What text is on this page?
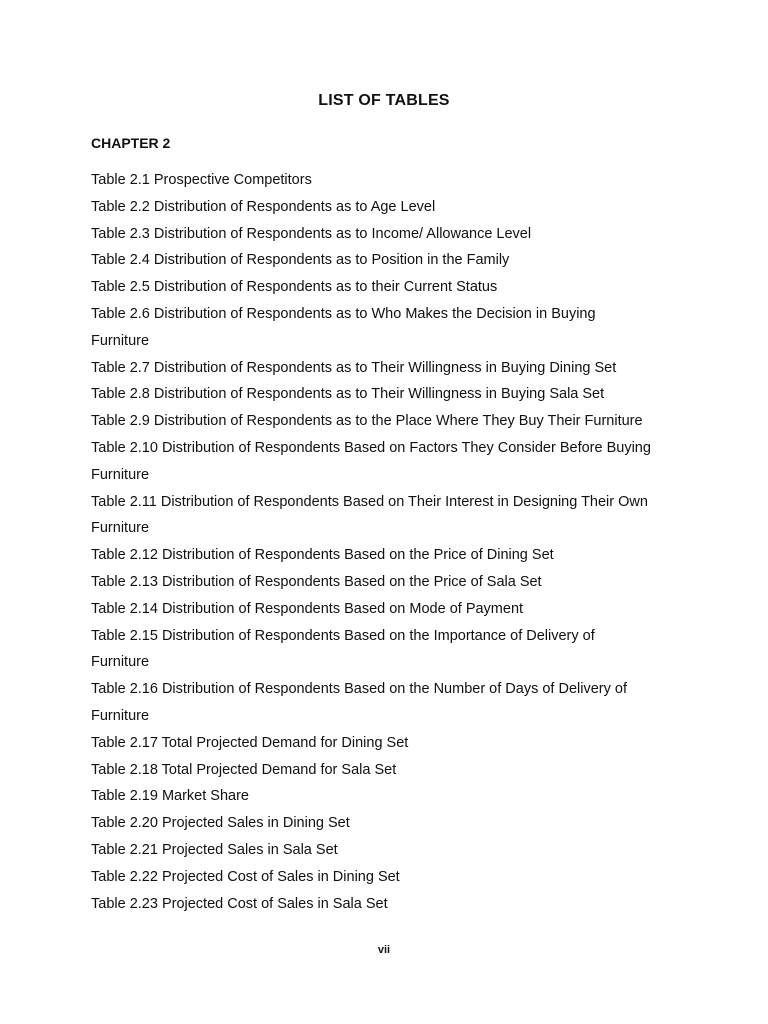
LIST OF TABLES
CHAPTER 2
Table 2.1 Prospective Competitors
Table 2.2 Distribution of Respondents as to Age Level
Table 2.3 Distribution of Respondents as to Income/ Allowance Level
Table 2.4 Distribution of Respondents as to Position in the Family
Table 2.5 Distribution of Respondents as to their Current Status
Table 2.6 Distribution of Respondents as to Who Makes the Decision in Buying
Furniture
Table 2.7 Distribution of Respondents as to Their Willingness in Buying Dining Set
Table 2.8 Distribution of Respondents as to Their Willingness in Buying Sala Set
Table 2.9 Distribution of Respondents as to the Place Where They Buy Their Furniture
Table 2.10 Distribution of Respondents Based on Factors They Consider Before Buying
Furniture
Table 2.11 Distribution of Respondents Based on Their Interest in Designing Their Own
Furniture
Table 2.12 Distribution of Respondents Based on the Price of Dining Set
Table 2.13 Distribution of Respondents Based on the Price of Sala Set
Table 2.14 Distribution of Respondents Based on Mode of Payment
Table 2.15 Distribution of Respondents Based on the Importance of Delivery of
Furniture
Table 2.16 Distribution of Respondents Based on the Number of Days of Delivery of
Furniture
Table 2.17 Total Projected Demand for Dining Set
Table 2.18 Total Projected Demand for Sala Set
Table 2.19 Market Share
Table 2.20 Projected Sales in Dining Set
Table 2.21 Projected Sales in Sala Set
Table 2.22 Projected Cost of Sales in Dining Set
Table 2.23 Projected Cost of Sales in Sala Set
vii
